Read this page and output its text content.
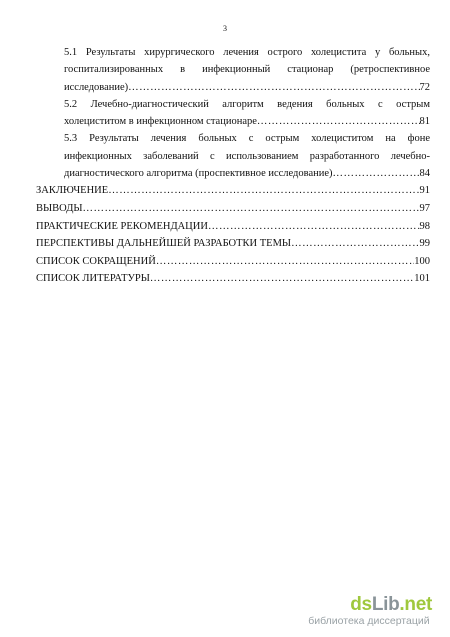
3
5.1 Результаты хирургического лечения острого холецистита у больных,
госпитализированных в инфекционный стационар (ретроспективное
исследование) ……………………………………………………………………………………………………………………………………………………………………………………	72
5.2 Лечебно-диагностический алгоритм ведения больных с острым
холециститом в инфекционном стационаре ……………………………………………………………………………………………………………………………………………………………………………………	81
5.3 Результаты лечения больных с острым холециститом на фоне
инфекционных заболеваний с использованием разработанного лечебно-
диагностического алгоритма (проспективное исследование) ……………………………………………………………………………………………………………………………………………………………………………………	84
ЗАКЛЮЧЕНИЕ ……………………………………………………………………………………………………………………………………………………………………………………	91
ВЫВОДЫ ……………………………………………………………………………………………………………………………………………………………………………………	97
ПРАКТИЧЕСКИЕ РЕКОМЕНДАЦИИ ……………………………………………………………………………………………………………………………………………………………………………………	98
ПЕРСПЕКТИВЫ ДАЛЬНЕЙШЕЙ РАЗРАБОТКИ ТЕМЫ ……………………………………………………………………………………………………………………………………………………………………………………	99
СПИСОК СОКРАЩЕНИЙ ……………………………………………………………………………………………………………………………………………………………………………………	100
СПИСОК ЛИТЕРАТУРЫ ……………………………………………………………………………………………………………………………………………………………………………………	101
dsLib.net
библиотека диссертаций
